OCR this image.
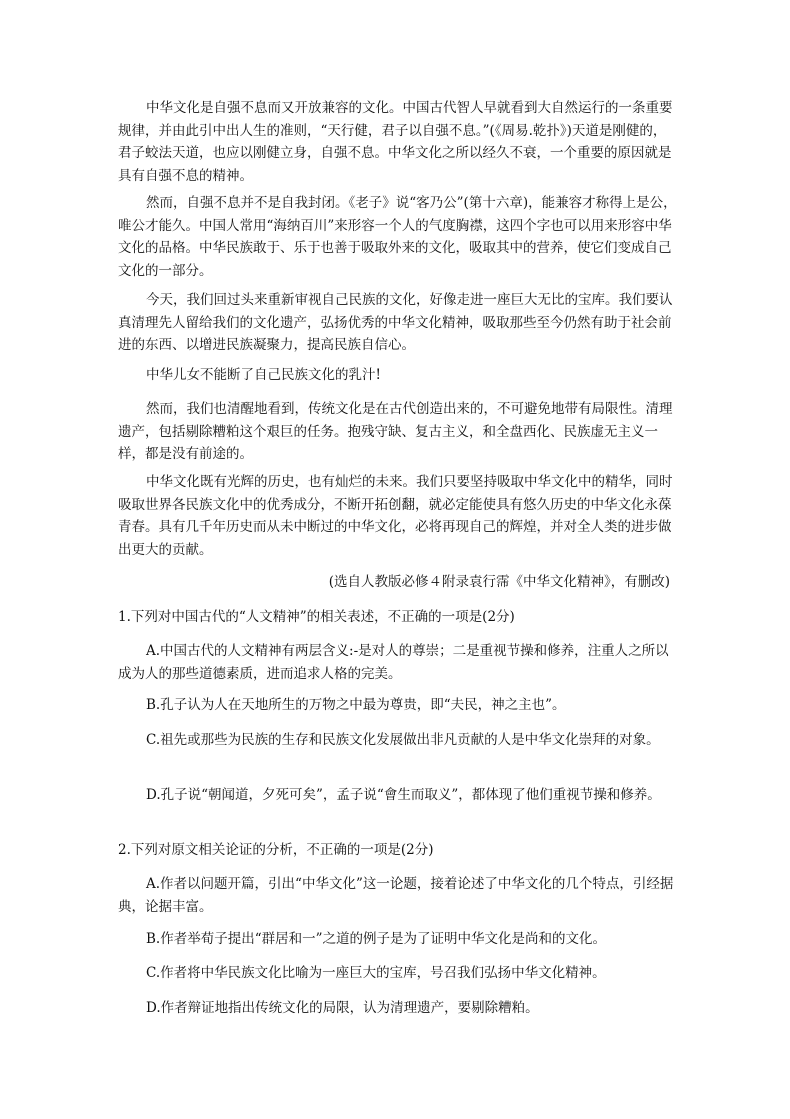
中华文化是自强不息而又开放兼容的文化。中国古代智人早就看到大自然运行的一条重要规律，并由此引中出人生的准则，“天行健，君子以自强不息。”(《周易.乾扑》)天道是刚健的，君子蛟法天道，也应以刚健立身，自强不息。中华文化之所以经久不衰，一个重要的原因就是具有自强不息的精神。

然而，自强不息并不是自我封闭。《老子》说“客乃公”(第十六章)，能兼容才称得上是公，唯公才能久。中国人常用“海纳百川”来形容一个人的气度胸襟，这四个字也可以用来形容中华文化的品格。中华民族敢于、乐于也善于吸取外来的文化，吸取其中的营养，使它们变成自己文化的一部分。

今天，我们回过头来重新审视自己民族的文化，好像走进一座巨大无比的宝库。我们要认真清理先人留给我们的文化遗产，弘扬优秀的中华文化精神，吸取那些至今仍然有助于社会前进的东西、以增进民族凝聚力，提高民族自信心。

中华儿女不能断了自己民族文化的乳汁!

然而，我们也清醒地看到，传统文化是在古代创造出来的，不可避免地带有局限性。清理遗产，包括剔除糟粕这个艰巨的任务。抱残守缺、复古主义，和全盘西化、民族虚无主义一样，都是没有前途的。

中华文化既有光辉的历史，也有灿烂的未来。我们只要坚持吸取中华文化中的精华，同时吸取世界各民族文化中的优秀成分，不断开拓创翻，就必定能使具有悠久历史的中华文化永葆青春。具有几千年历史而从未中断过的中华文化，必将再现自己的辉煌，并对全人类的进步做出更大的贡献。

(选自人教版必修４附录袁行霈《中华文化精神》，有删改)

1.下列对中国古代的“人文精神”的相关表述，不正确的一项是(2分)

A.中国古代的人文精神有两层含义:-是对人的尊崇；二是重视节操和修养，注重人之所以成为人的那些道德素质，进而追求人格的完美。

B.孔子认为人在天地所生的万物之中最为尊贵，即“夫民，神之主也”。

C.祖先或那些为民族的生存和民族文化发展做出非凡贡献的人是中华文化崇拜的对象。

D.孔子说“朝闻道，夕死可矣”，孟子说“會生而取义”，都体现了他们重视节操和修养。

2.下列对原文相关论证的分析，不正确的一项是(2分)

A.作者以问题开篇，引出“中华文化”这一论题，接着论述了中华文化的几个特点，引经据典，论据丰富。

B.作者举荀子提出“群居和一”之道的例子是为了证明中华文化是尚和的文化。

C.作者将中华民族文化比喻为一座巨大的宝库，号召我们弘扬中华文化精神。

D.作者辩证地指出传统文化的局限，认为清理遗产，要剔除糟粕。
